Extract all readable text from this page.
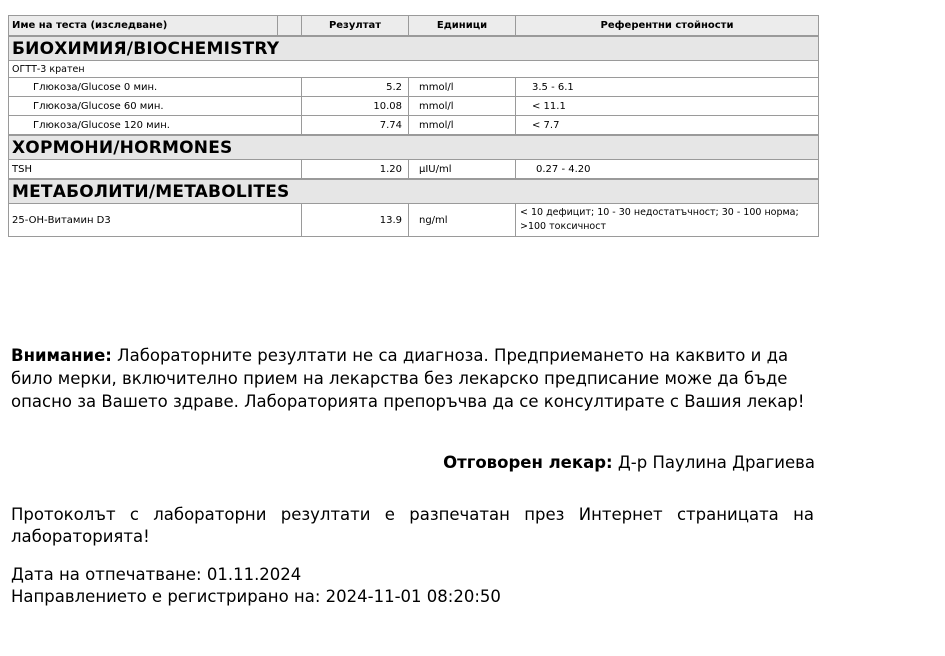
Име на теста (изследване)		Резултат	Единици	Референтни стойности
БИОХИМИЯ/BIOCHEMISTRY				
ОГТТ-3 кратен				
Глюкоза/Glucose 0 мин.		5.2	mmol/l	3.5 - 6.1
Глюкоза/Glucose 60 мин.		10.08	mmol/l	< 11.1
Глюкоза/Glucose 120 мин.		7.74	mmol/l	< 7.7
ХОРМОНИ/HORMONES				
TSH		1.20	µIU/ml	0.27 - 4.20
МЕТАБОЛИТИ/METABOLITES				
25-OH-Витамин D3		13.9	ng/ml	< 10 дефицит; 10 - 30 недостатъчност; 30 - 100 норма; >100 токсичност

Внимание: Лабораторните резултати не са диагноза. Предприемането на каквито и да било мерки, включително прием на лекарства без лекарско предписание може да бъде опасно за Вашето здраве. Лабораторията препоръчва да се консултирате с Вашия лекар!

Отговорен лекар: Д-р Паулина Драгиева

Протоколът с лабораторни резултати е разпечатан през Интернет страницата на лабораторията!

Дата на отпечатване: 01.11.2024
Направлението е регистрирано на: 2024-11-01 08:20:50
